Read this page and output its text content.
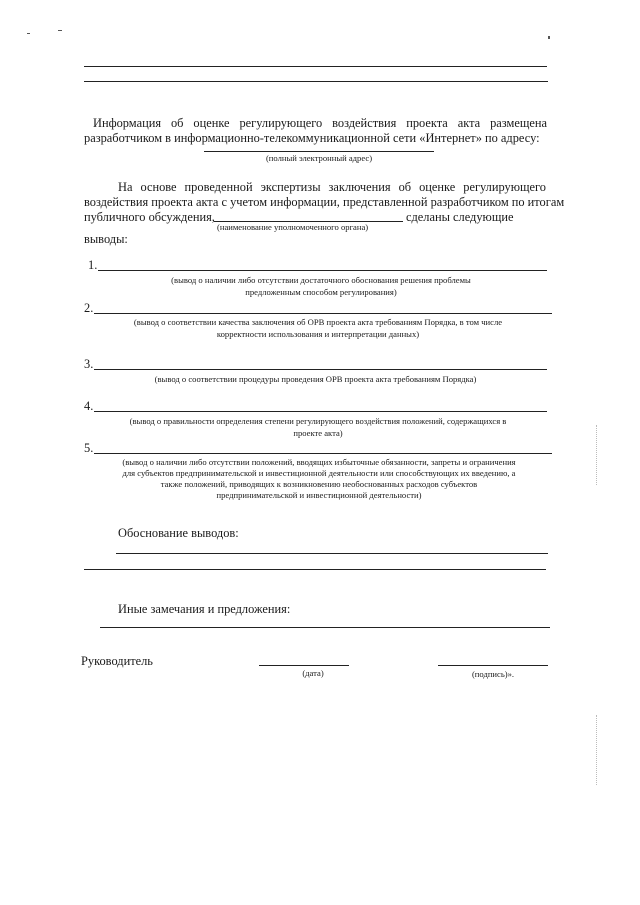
Информация об оценке регулирующего воздействия проекта акта размещена
разработчиком в информационно-телекоммуникационной сети «Интернет» по адресу:
(полный электронный адрес)
На основе проведенной экспертизы заключения об оценке регулирующего
воздействия проекта акта с учетом информации, представленной разработчиком по итогам
публичного обсуждения,	сделаны следующие
(наименование уполномоченного органа)
выводы:
1.
(вывод о наличии либо отсутствии достаточного обоснования решения проблемы
предложенным способом регулирования)
2.
(вывод о соответствии качества заключения об ОРВ проекта акта требованиям Порядка, в том числе
корректности использования и интерпретации данных)
3.
(вывод о соответствии процедуры проведения ОРВ проекта акта требованиям Порядка)
4.
(вывод о правильности определения степени регулирующего воздействия положений, содержащихся в
проекте акта)
5.
(вывод о наличии либо отсутствии положений, вводящих избыточные обязанности, запреты и ограничения
для субъектов предпринимательской и инвестиционной деятельности или способствующих их введению, а
также положений, приводящих к возникновению необоснованных расходов субъектов
предпринимательской и инвестиционной деятельности)
Обоснование выводов:
Иные замечания и предложения:
Руководитель
(дата)	(подпись)».
